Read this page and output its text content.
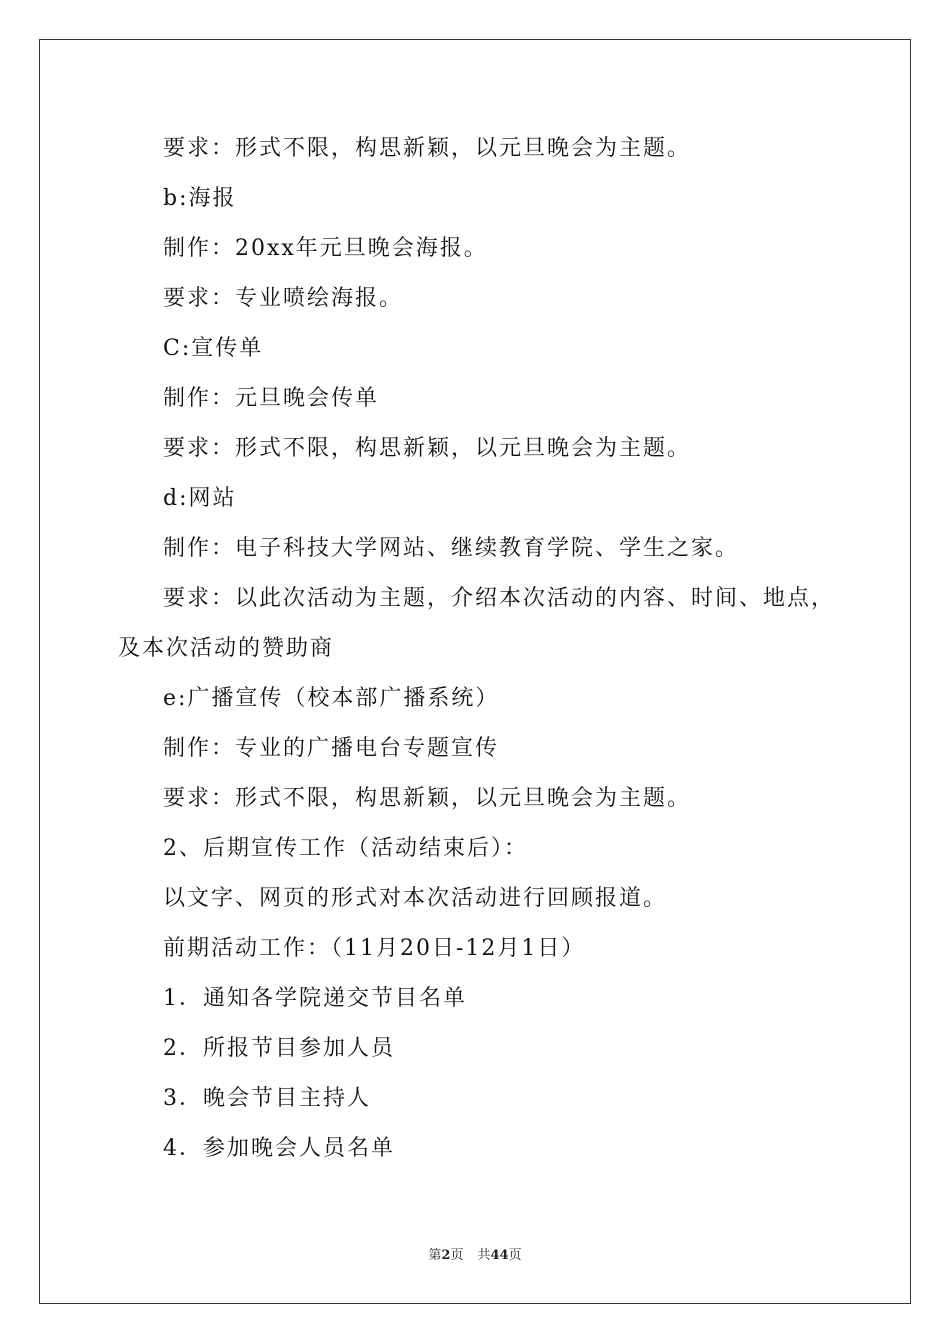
要求：形式不限，构思新颖，以元旦晚会为主题。
b:海报
制作：20xx年元旦晚会海报。
要求：专业喷绘海报。
C:宣传单
制作：元旦晚会传单
要求：形式不限，构思新颖，以元旦晚会为主题。
d:网站
制作：电子科技大学网站、继续教育学院、学生之家。
要求：以此次活动为主题，介绍本次活动的内容、时间、地点，
及本次活动的赞助商
e:广播宣传（校本部广播系统）
制作：专业的广播电台专题宣传
要求：形式不限，构思新颖，以元旦晚会为主题。
2、后期宣传工作（活动结束后）：
以文字、网页的形式对本次活动进行回顾报道。
前期活动工作：（11月20日-12月1日）
1．通知各学院递交节目名单
2．所报节目参加人员
3．晚会节目主持人
4．参加晚会人员名单
第2页 共44页
